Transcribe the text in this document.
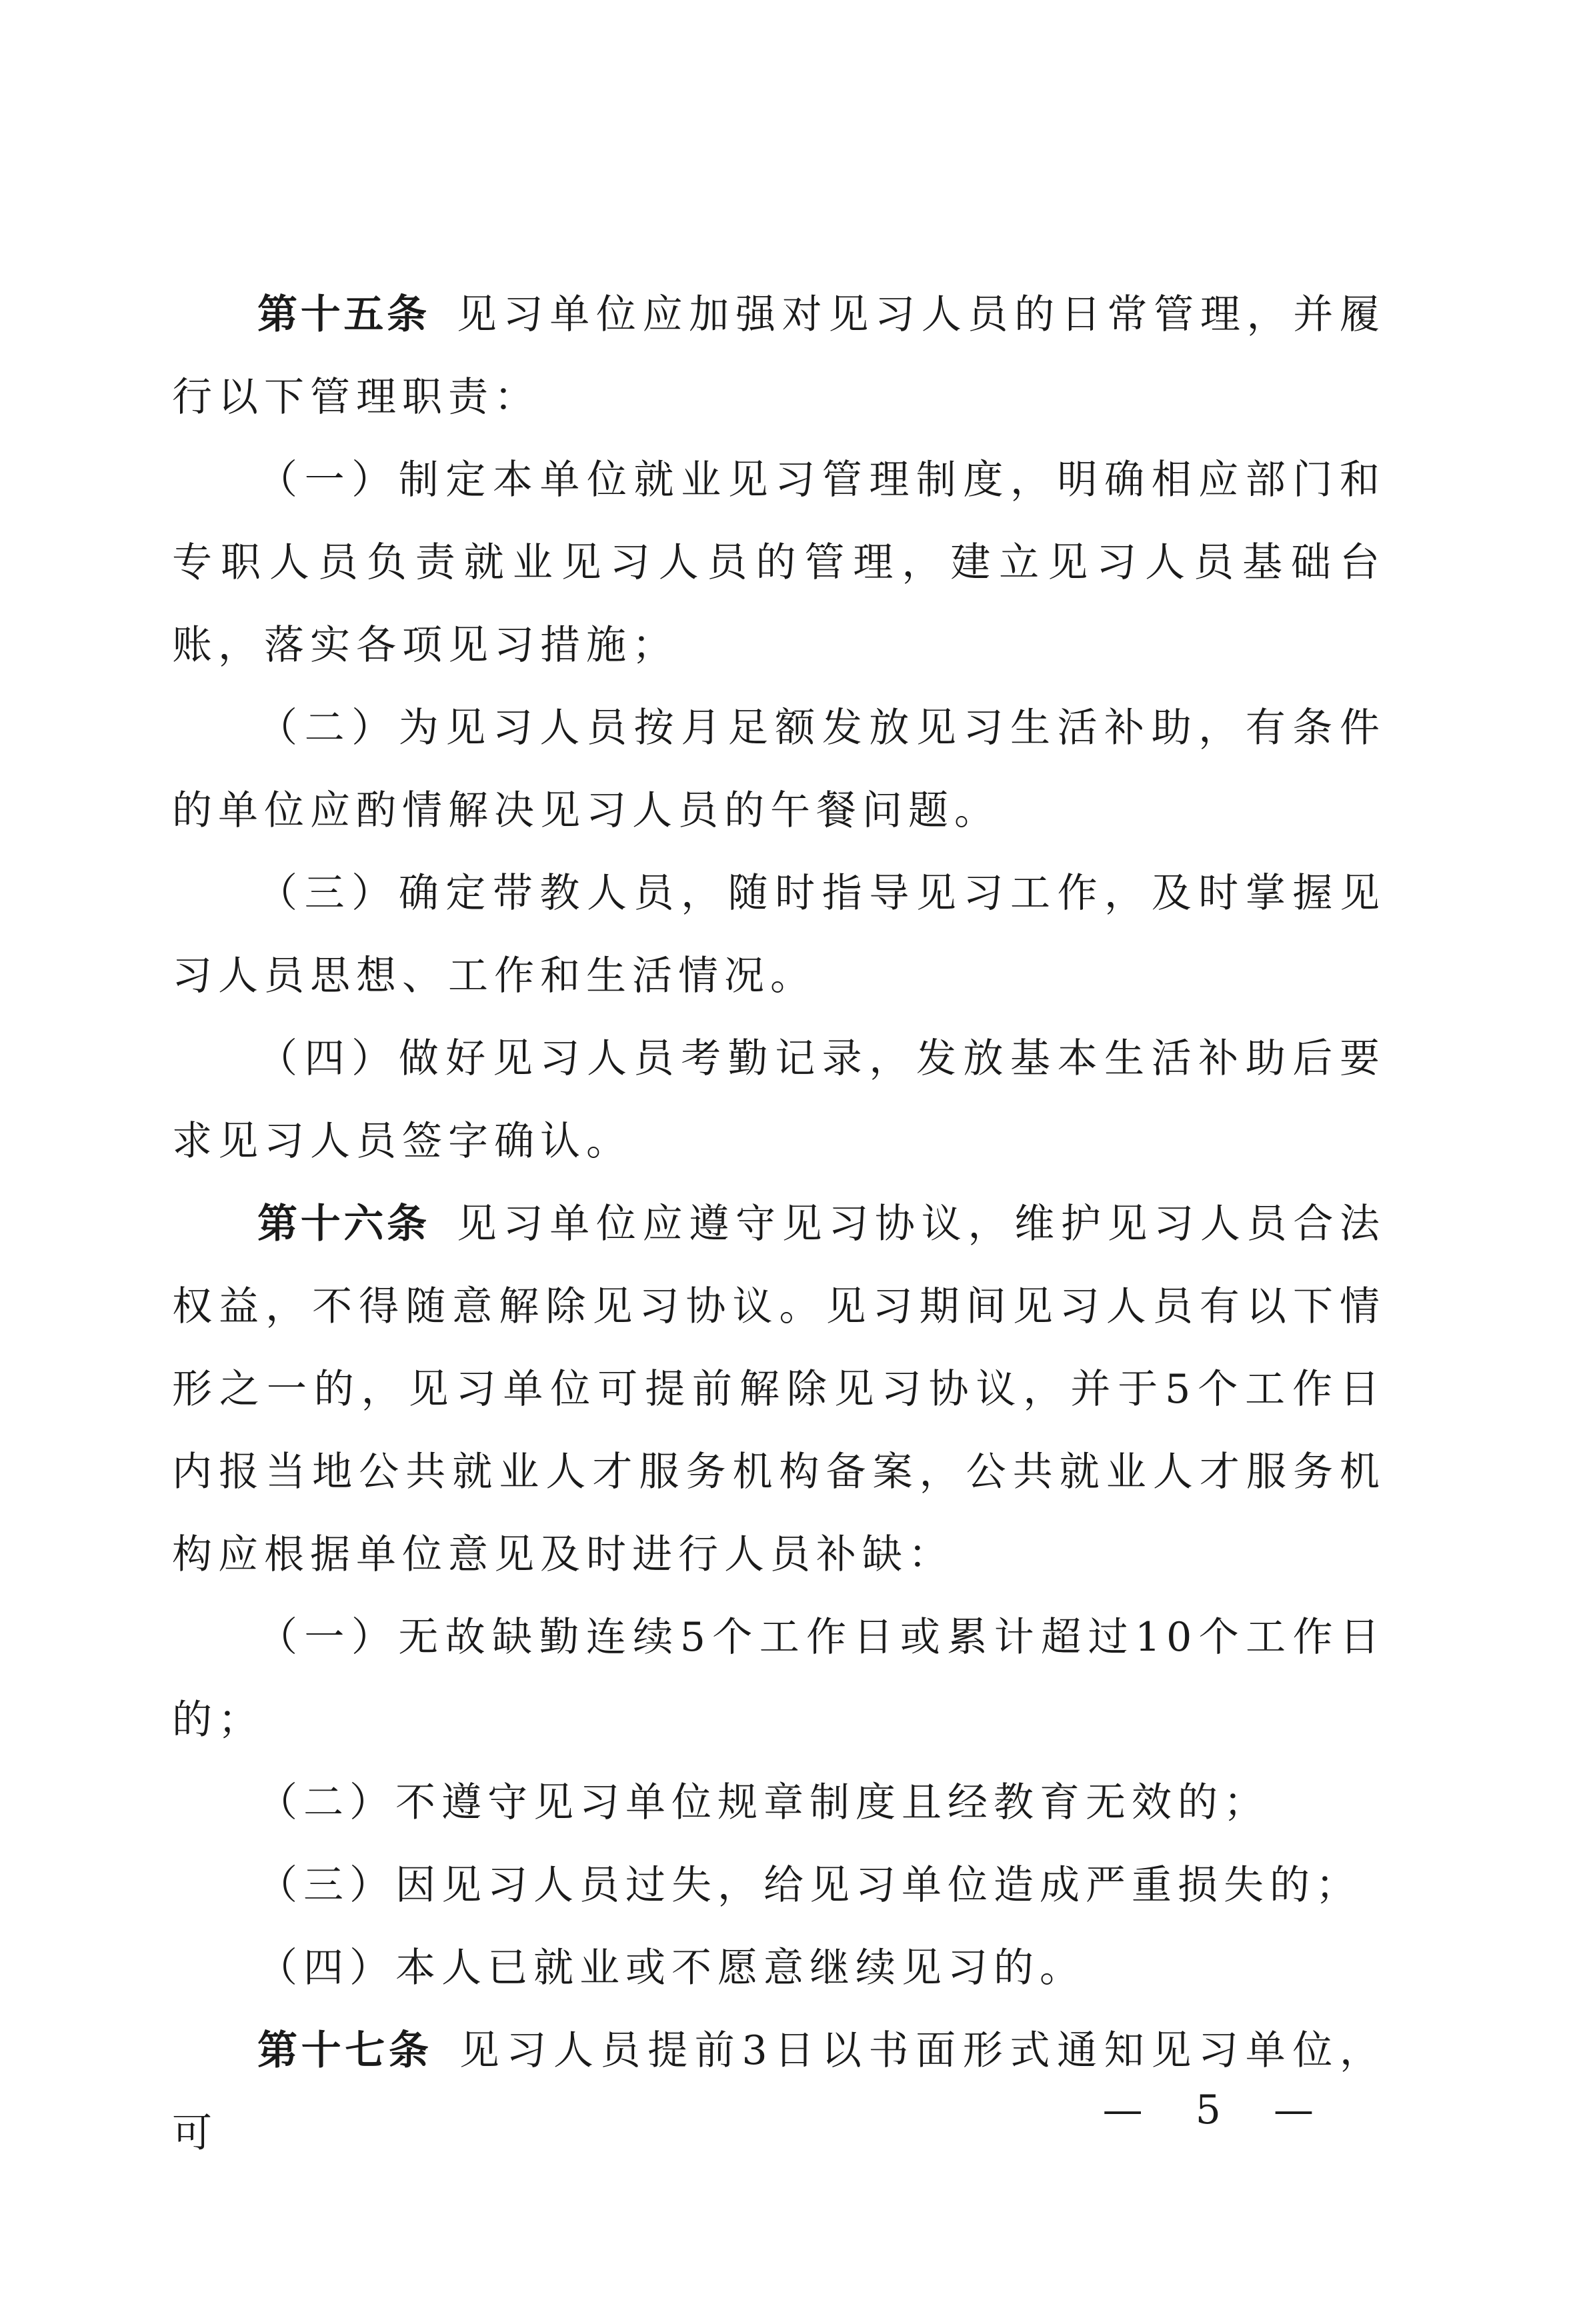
第十五条 见习单位应加强对见习人员的日常管理，并履行以下管理职责：

（一）制定本单位就业见习管理制度，明确相应部门和专职人员负责就业见习人员的管理，建立见习人员基础台账，落实各项见习措施；

（二）为见习人员按月足额发放见习生活补助，有条件的单位应酌情解决见习人员的午餐问题。

（三）确定带教人员，随时指导见习工作，及时掌握见习人员思想、工作和生活情况。

（四）做好见习人员考勤记录，发放基本生活补助后要求见习人员签字确认。

第十六条 见习单位应遵守见习协议，维护见习人员合法权益，不得随意解除见习协议。见习期间见习人员有以下情形之一的，见习单位可提前解除见习协议，并于5个工作日内报当地公共就业人才服务机构备案，公共就业人才服务机构应根据单位意见及时进行人员补缺：

（一）无故缺勤连续5个工作日或累计超过10个工作日的；

（二）不遵守见习单位规章制度且经教育无效的；

（三）因见习人员过失，给见习单位造成严重损失的；

（四）本人已就业或不愿意继续见习的。

第十七条 见习人员提前3日以书面形式通知见习单位，可	— 5 —
